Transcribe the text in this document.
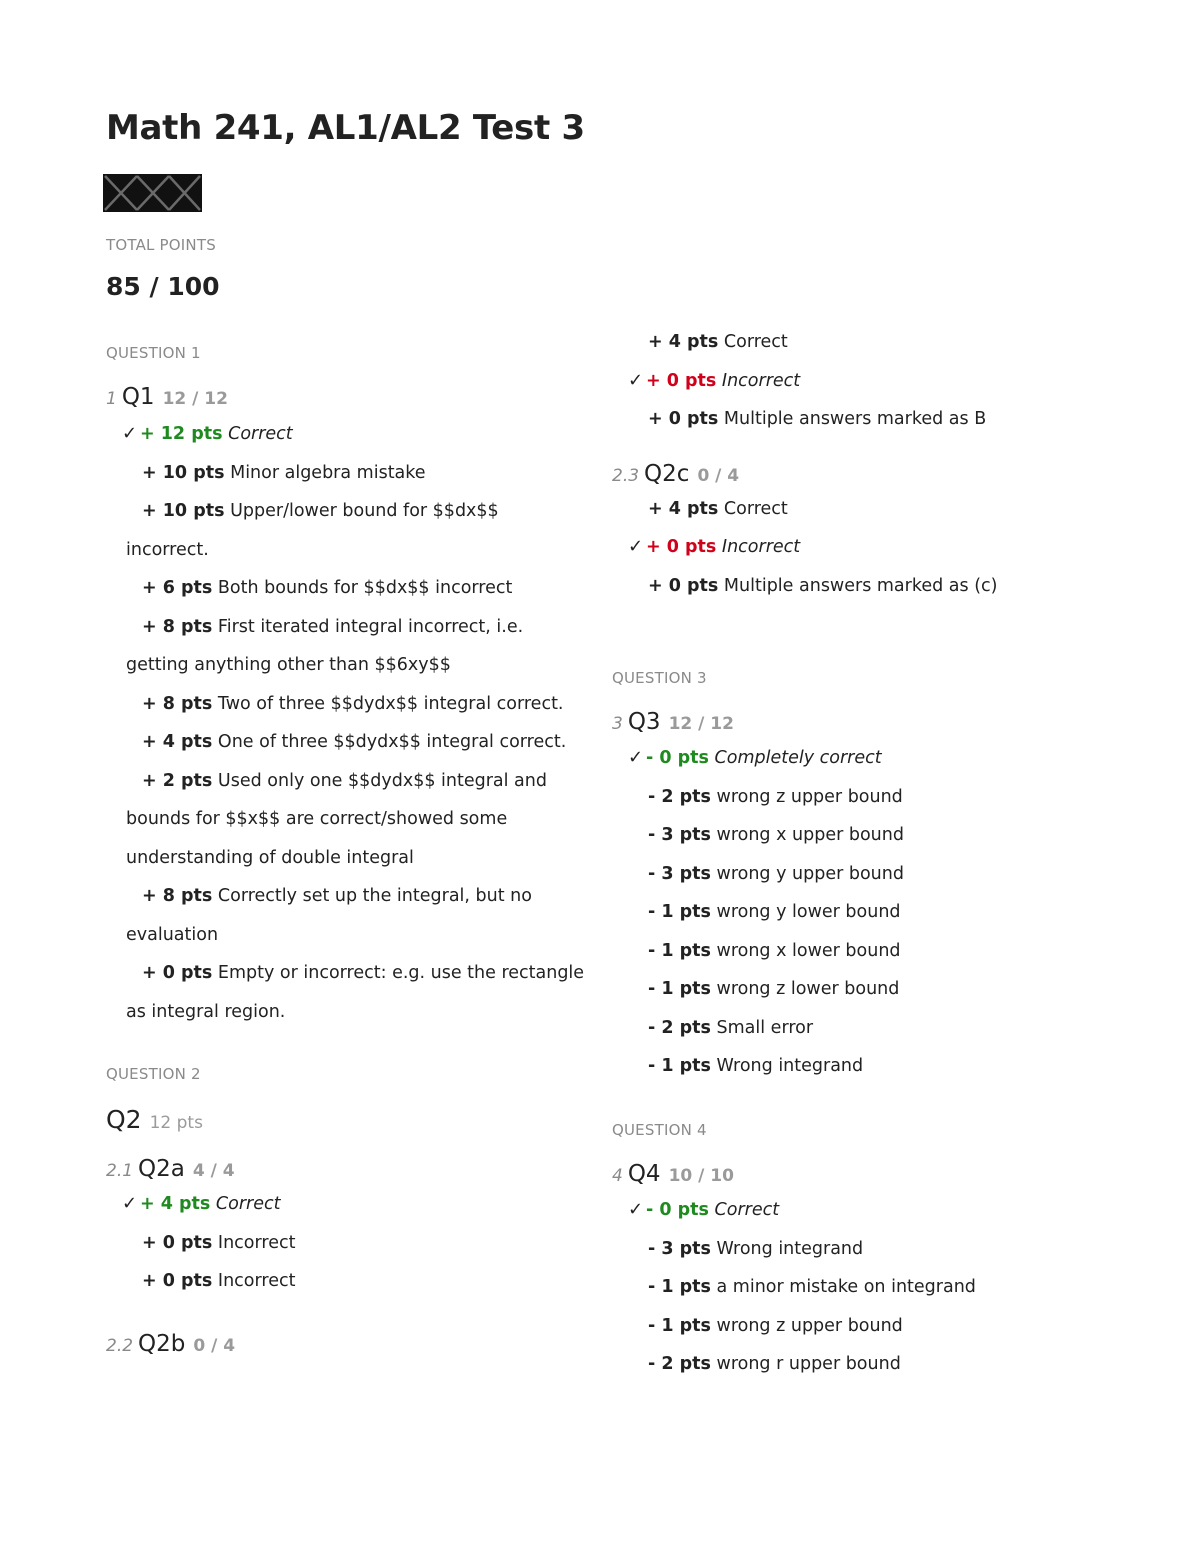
Math 241, AL1/AL2 Test 3
TOTAL POINTS
85 / 100
QUESTION 1
1 Q1 12 / 12
✓ + 12 pts Correct
+ 10 pts Minor algebra mistake
+ 10 pts Upper/lower bound for $$dx$$ incorrect.
+ 6 pts Both bounds for $$dx$$ incorrect
+ 8 pts First iterated integral incorrect, i.e. getting anything other than $$6xy$$
+ 8 pts Two of three $$dydx$$ integral correct.
+ 4 pts One of three $$dydx$$ integral correct.
+ 2 pts Used only one $$dydx$$ integral and bounds for $$x$$ are correct/showed some understanding of double integral
+ 8 pts Correctly set up the integral, but no evaluation
+ 0 pts Empty or incorrect: e.g. use the rectangle as integral region.
QUESTION 2
Q2 12 pts
2.1 Q2a 4 / 4
✓ + 4 pts Correct
+ 0 pts Incorrect
+ 0 pts Incorrect
2.2 Q2b 0 / 4
+ 4 pts Correct
✓ + 0 pts Incorrect
+ 0 pts Multiple answers marked as B
2.3 Q2c 0 / 4
+ 4 pts Correct
✓ + 0 pts Incorrect
+ 0 pts Multiple answers marked as (c)
QUESTION 3
3 Q3 12 / 12
✓ - 0 pts Completely correct
- 2 pts wrong z upper bound
- 3 pts wrong x upper bound
- 3 pts wrong y upper bound
- 1 pts wrong y lower bound
- 1 pts wrong x lower bound
- 1 pts wrong z lower bound
- 2 pts Small error
- 1 pts Wrong integrand
QUESTION 4
4 Q4 10 / 10
✓ - 0 pts Correct
- 3 pts Wrong integrand
- 1 pts a minor mistake on integrand
- 1 pts wrong z upper bound
- 2 pts wrong r upper bound
